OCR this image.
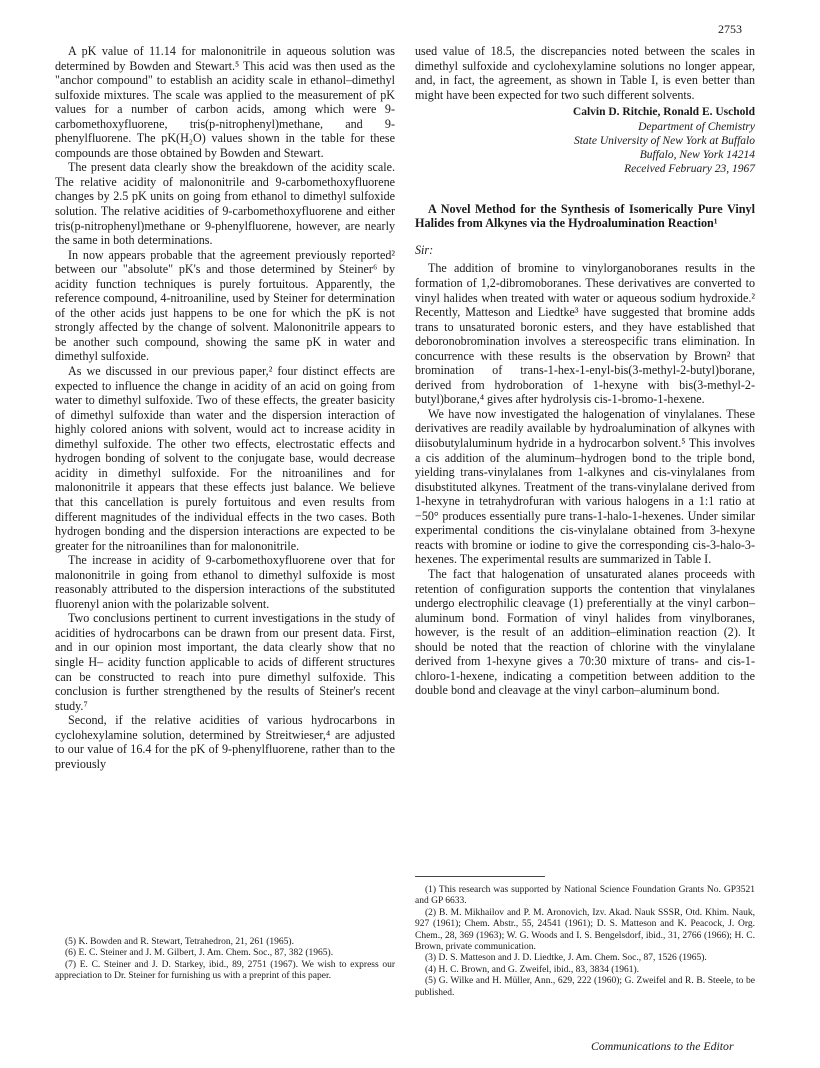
2753

A pK value of 11.14 for malononitrile in aqueous solution was determined by Bowden and Stewart.⁵ This acid was then used as the "anchor compound" to establish an acidity scale in ethanol–dimethyl sulfoxide mixtures. The scale was applied to the measurement of pK values for a number of carbon acids, among which were 9-carbomethoxyfluorene, tris(p-nitrophenyl)methane, and 9-phenylfluorene. The pK(H₂O) values shown in the table for these compounds are those obtained by Bowden and Stewart.

The present data clearly show the breakdown of the acidity scale. The relative acidity of malononitrile and 9-carbomethoxyfluorene changes by 2.5 pK units on going from ethanol to dimethyl sulfoxide solution. The relative acidities of 9-carbomethoxyfluorene and either tris(p-nitrophenyl)methane or 9-phenylfluorene, however, are nearly the same in both determinations.

In now appears probable that the agreement previously reported² between our "absolute" pK's and those determined by Steiner⁶ by acidity function techniques is purely fortuitous. Apparently, the reference compound, 4-nitroaniline, used by Steiner for determination of the other acids just happens to be one for which the pK is not strongly affected by the change of solvent. Malononitrile appears to be another such compound, showing the same pK in water and dimethyl sulfoxide.

As we discussed in our previous paper,² four distinct effects are expected to influence the change in acidity of an acid on going from water to dimethyl sulfoxide. Two of these effects, the greater basicity of dimethyl sulfoxide than water and the dispersion interaction of highly colored anions with solvent, would act to increase acidity in dimethyl sulfoxide. The other two effects, electrostatic effects and hydrogen bonding of solvent to the conjugate base, would decrease acidity in dimethyl sulfoxide. For the nitroanilines and for malononitrile it appears that these effects just balance. We believe that this cancellation is purely fortuitous and even results from different magnitudes of the individual effects in the two cases. Both hydrogen bonding and the dispersion interactions are expected to be greater for the nitroanilines than for malononitrile.

The increase in acidity of 9-carbomethoxyfluorene over that for malononitrile in going from ethanol to dimethyl sulfoxide is most reasonably attributed to the dispersion interactions of the substituted fluorenyl anion with the polarizable solvent.

Two conclusions pertinent to current investigations in the study of acidities of hydrocarbons can be drawn from our present data. First, and in our opinion most important, the data clearly show that no single H– acidity function applicable to acids of different structures can be constructed to reach into pure dimethyl sulfoxide. This conclusion is further strengthened by the results of Steiner's recent study.⁷

Second, if the relative acidities of various hydrocarbons in cyclohexylamine solution, determined by Streitwieser,⁴ are adjusted to our value of 16.4 for the pK of 9-phenylfluorene, rather than to the previously

(5) K. Bowden and R. Stewart, Tetrahedron, 21, 261 (1965).

(6) E. C. Steiner and J. M. Gilbert, J. Am. Chem. Soc., 87, 382 (1965).

(7) E. C. Steiner and J. D. Starkey, ibid., 89, 2751 (1967). We wish to express our appreciation to Dr. Steiner for furnishing us with a preprint of this paper.

used value of 18.5, the discrepancies noted between the scales in dimethyl sulfoxide and cyclohexylamine solutions no longer appear, and, in fact, the agreement, as shown in Table I, is even better than might have been expected for two such different solvents.

Calvin D. Ritchie, Ronald E. Uschold
Department of Chemistry
State University of New York at Buffalo
Buffalo, New York 14214
Received February 23, 1967

A Novel Method for the Synthesis of Isomerically Pure Vinyl Halides from Alkynes via the Hydroalumination Reaction¹

Sir:

The addition of bromine to vinylorganoboranes results in the formation of 1,2-dibromoboranes. These derivatives are converted to vinyl halides when treated with water or aqueous sodium hydroxide.² Recently, Matteson and Liedtke³ have suggested that bromine adds trans to unsaturated boronic esters, and they have established that deboronobromination involves a stereospecific trans elimination. In concurrence with these results is the observation by Brown² that bromination of trans-1-hex-1-enyl-bis(3-methyl-2-butyl)borane, derived from hydroboration of 1-hexyne with bis(3-methyl-2-butyl)borane,⁴ gives after hydrolysis cis-1-bromo-1-hexene.

We have now investigated the halogenation of vinylalanes. These derivatives are readily available by hydroalumination of alkynes with diisobutylaluminum hydride in a hydrocarbon solvent.⁵ This involves a cis addition of the aluminum–hydrogen bond to the triple bond, yielding trans-vinylalanes from 1-alkynes and cis-vinylalanes from disubstituted alkynes. Treatment of the trans-vinylalane derived from 1-hexyne in tetrahydrofuran with various halogens in a 1:1 ratio at −50° produces essentially pure trans-1-halo-1-hexenes. Under similar experimental conditions the cis-vinylalane obtained from 3-hexyne reacts with bromine or iodine to give the corresponding cis-3-halo-3-hexenes. The experimental results are summarized in Table I.

The fact that halogenation of unsaturated alanes proceeds with retention of configuration supports the contention that vinylalanes undergo electrophilic cleavage (1) preferentially at the vinyl carbon–aluminum bond. Formation of vinyl halides from vinylboranes, however, is the result of an addition–elimination reaction (2). It should be noted that the reaction of chlorine with the vinylalane derived from 1-hexyne gives a 70:30 mixture of trans- and cis-1-chloro-1-hexene, indicating a competition between addition to the double bond and cleavage at the vinyl carbon–aluminum bond.

(1) This research was supported by National Science Foundation Grants No. GP3521 and GP 6633.

(2) B. M. Mikhailov and P. M. Aronovich, Izv. Akad. Nauk SSSR, Otd. Khim. Nauk, 927 (1961); Chem. Abstr., 55, 24541 (1961); D. S. Matteson and K. Peacock, J. Org. Chem., 28, 369 (1963); W. G. Woods and I. S. Bengelsdorf, ibid., 31, 2766 (1966); H. C. Brown, private communication.

(3) D. S. Matteson and J. D. Liedtke, J. Am. Chem. Soc., 87, 1526 (1965).

(4) H. C. Brown, and G. Zweifel, ibid., 83, 3834 (1961).

(5) G. Wilke and H. Müller, Ann., 629, 222 (1960); G. Zweifel and R. B. Steele, to be published.

Communications to the Editor
